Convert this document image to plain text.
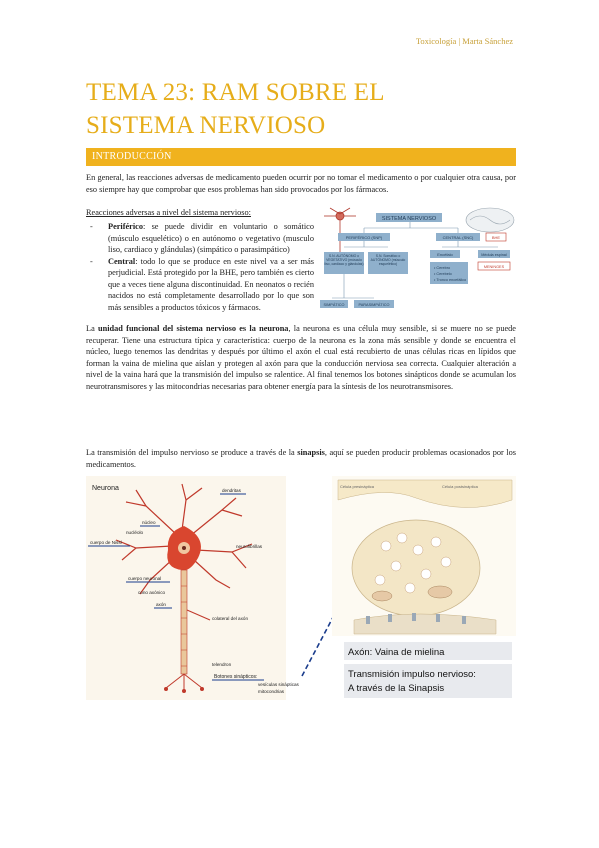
Toxicología | Marta Sánchez
TEMA 23: RAM SOBRE EL
SISTEMA NERVIOSO
INTRODUCCIÓN

En general, las reacciones adversas de medicamento pueden ocurrir por no tomar el medicamento o por cualquier otra causa, por eso siempre hay que comprobar que esos problemas han sido provocados por los fármacos.

Reacciones adversas a nivel del sistema nervioso:
- Periférico: se puede dividir en voluntario o somático (músculo esquelético) o en autónomo o vegetativo (musculo liso, cardiaco y glándulas) (simpático o parasimpático)
- Central: todo lo que se produce en este nivel va a ser más perjudicial. Está protegido por la BHE, pero también es cierto que a veces tiene alguna discontinuidad. En neonatos o recién nacidos no está completamente desarrollado por lo que son más sensibles a productos tóxicos y fármacos.
SISTEMA NERVIOSO
PERIFÉRICO (SNP)	CENTRAL (SNC)	BHE
S.N. AUTÓNOMO o VEGETATIVO (músculo liso, cardiaco y glándulas)
S.N. Somático o AUTÓNOMO (músculo esquelético)
Encéfalo	Médula espinal
MENINGES
• Cerebro
• Cerebelo
• Tronco encefálico
SIMPÁTICO	PARASIMPÁTICO

La unidad funcional del sistema nervioso es la neurona, la neurona es una célula muy sensible, si se muere no se puede recuperar. Tiene una estructura típica y característica: cuerpo de la neurona es la zona más sensible y donde se encuentra el núcleo, luego tenemos las dendritas y después por último el axón el cual está recubierto de unas células ricas en lípidos que forman la vaina de mielina que aíslan y protegen al axón para que la conducción nerviosa sea correcta. Cualquier alteración a nivel de la vaina hará que la transmisión del impulso se ralentice. Al final tenemos los botones sinápticos donde se acumulan los neurotransmisores y las mitocondrias necesarias para obtener energía para la síntesis de los neurotransmisores.

La transmisión del impulso nervioso se produce a través de la sinapsis, aquí se pueden producir problemas ocasionados por los medicamentos.

Neurona	dendritas
núcleo
nucléolo
cuerpo de Nissl
neurofibrillas
cuerpo neuronal
cono axónico
axón
colateral del axón
telendron
Botones sinápticos:
vesículas sinápticas
mitocondrias
Célula presináptica	Célula postsináptica
Axón: Vaina de mielina
Transmisión impulso nervioso:
A través de la Sinapsis
